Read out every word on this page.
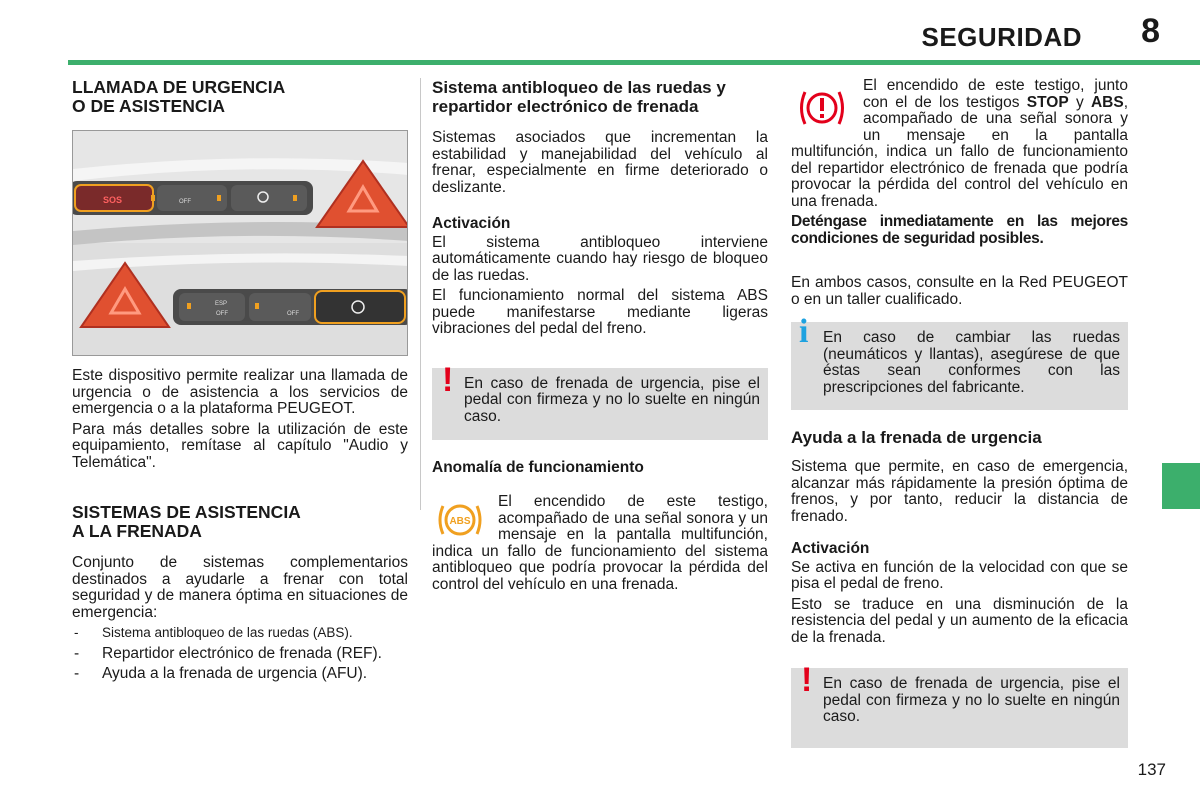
SEGURIDAD 8
LLAMADA DE URGENCIA
O DE ASISTENCIA
SOS	OFF
ESP
OFF	OFF

Este dispositivo permite realizar una llamada de urgencia o de asistencia a los servicios de emergencia o a la plataforma PEUGEOT.

Para más detalles sobre la utilización de este equipamiento, remítase al capítulo "Audio y Telemática".

SISTEMAS DE ASISTENCIA
A LA FRENADA

Conjunto de sistemas complementarios destinados a ayudarle a frenar con total seguridad y de manera óptima en situaciones de emergencia:

- Sistema antibloqueo de las ruedas (ABS).
- Repartidor electrónico de frenada (REF).
- Ayuda a la frenada de urgencia (AFU).
Sistema antibloqueo de las ruedas y repartidor electrónico de frenada

Sistemas asociados que incrementan la estabilidad y manejabilidad del vehículo al frenar, especialmente en firme deteriorado o deslizante.

Activación

El sistema antibloqueo interviene automáticamente cuando hay riesgo de bloqueo de las ruedas.

El funcionamiento normal del sistema ABS puede manifestarse mediante ligeras vibraciones del pedal del freno.

! En caso de frenada de urgencia, pise el pedal con firmeza y no lo suelte en ningún caso.
Anomalía de funcionamiento
ABS

El encendido de este testigo, acompañado de una señal sonora y un mensaje en la pantalla multifunción, indica un fallo de funcionamiento del sistema antibloqueo que podría provocar la pérdida del control del vehículo en una frenada.

El encendido de este testigo, junto con el de los testigos STOP y ABS, acompañado de una señal sonora y un mensaje en la pantalla multifunción, indica un fallo de funcionamiento del repartidor electrónico de frenada que podría provocar la pérdida del control del vehículo en una frenada.

Deténgase inmediatamente en las mejores condiciones de seguridad posibles.

En ambos casos, consulte en la Red PEUGEOT o en un taller cualificado.

i En caso de cambiar las ruedas (neumáticos y llantas), asegúrese de que éstas sean conformes con las prescripciones del fabricante.
Ayuda a la frenada de urgencia

Sistema que permite, en caso de emergencia, alcanzar más rápidamente la presión óptima de frenos, y por tanto, reducir la distancia de frenado.

Activación

Se activa en función de la velocidad con que se pisa el pedal de freno.

Esto se traduce en una disminución de la resistencia del pedal y un aumento de la eficacia de la frenada.

! En caso de frenada de urgencia, pise el pedal con firmeza y no lo suelte en ningún caso.
137
